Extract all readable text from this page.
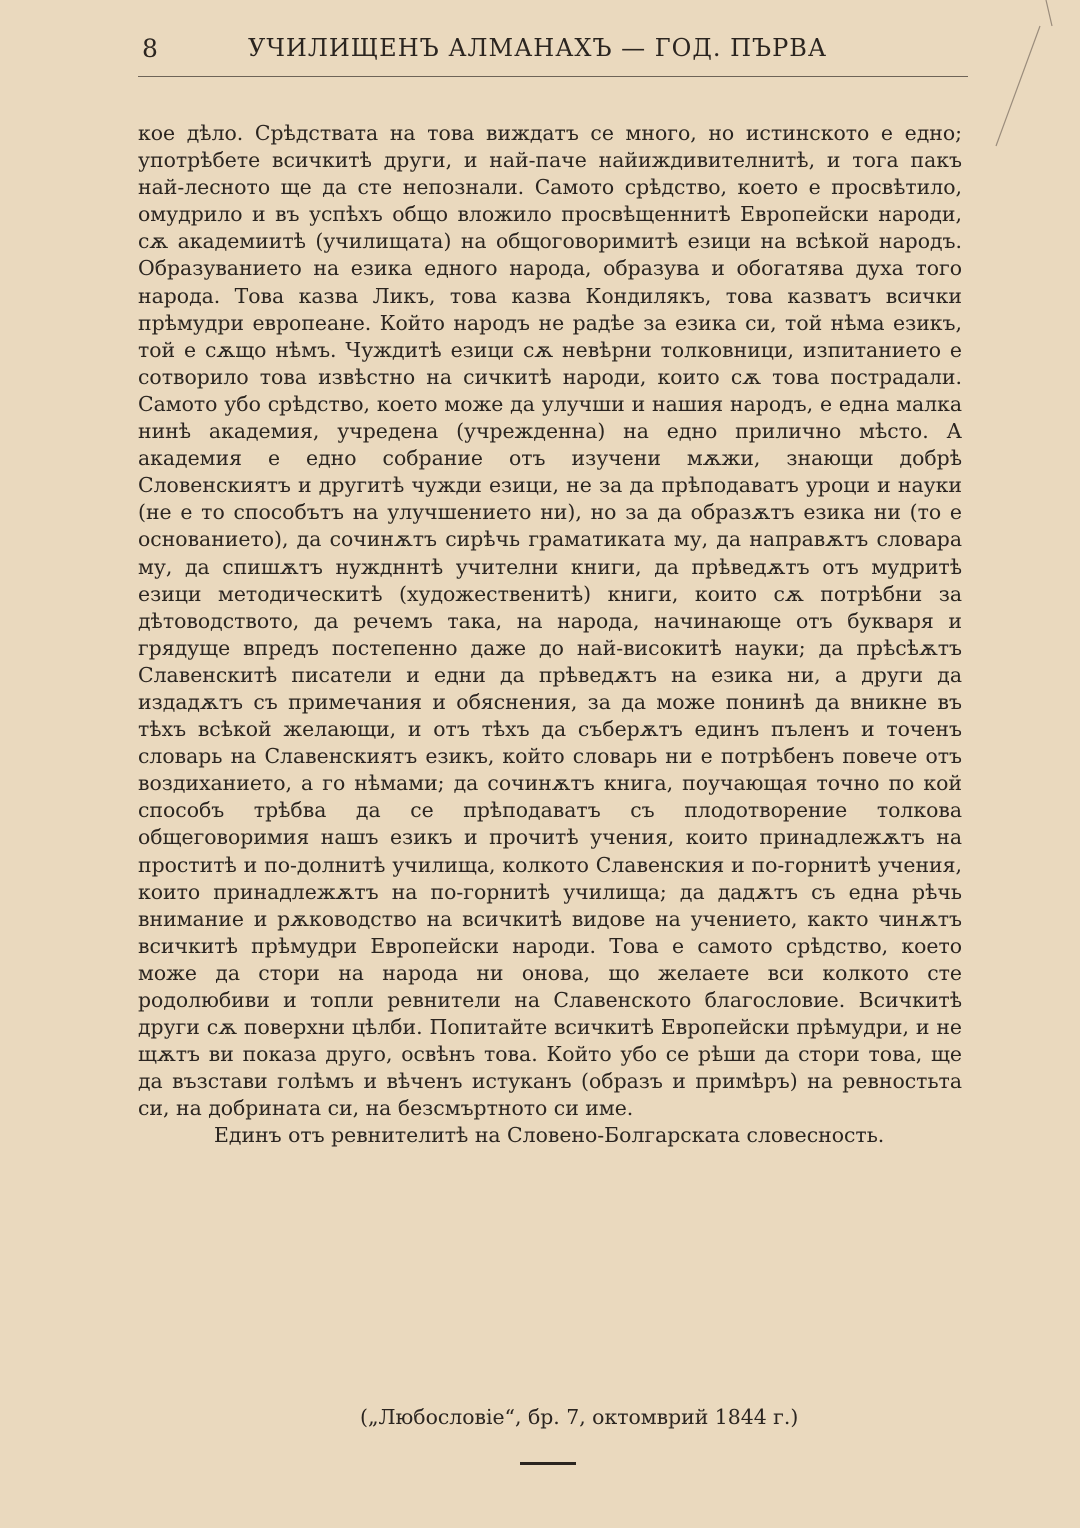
8	УЧИЛИЩЕНЪ АЛМАНАХЪ — ГОД. ПЪРВА

кое дѣло. Срѣдствата на това виждатъ се много, но истинското е едно; употрѣбете всичкитѣ други, и най-паче найиждивителнитѣ, и тога пакъ най-лесното ще да сте непознали. Самото срѣдство, което е просвѣтило, омудрило и въ успѣхъ общо вложило просвѣщеннитѣ Европейски народи, сѫ академиитѣ (училищата) на общоговоримитѣ езици на всѣкой народъ. Образуванието на езика едного народа, образува и обогатява духа того народа. Това казва Ликъ, това казва Кондилякъ, това казватъ всички прѣмудри европеане. Който народъ не радѣе за езика си, той нѣма езикъ, той е сѫщо нѣмъ. Чуждитѣ езици сѫ невѣрни толковници, изпитанието е сотворило това извѣстно на сичкитѣ народи, които сѫ това пострадали. Самото убо срѣдство, което може да улучши и нашия народъ, е една малка нинѣ академия, учредена (учрежденна) на едно прилично мѣсто. А академия е едно собрание отъ изучени мѫжи, знающи добрѣ Словенскиятъ и другитѣ чужди езици, не за да прѣподаватъ уроци и науки (не е то способътъ на улучшението ни), но за да образѫтъ езика ни (то е основанието), да сочинѫтъ сирѣчь граматиката му, да направѫтъ словара му, да спишѫтъ нуждннтѣ учителни книги, да прѣведѫтъ отъ мудритѣ езици методическитѣ (художественитѣ) книги, които сѫ потрѣбни за дѣтоводството, да речемъ така, на народа, начинающе отъ букваря и грядуще впредъ постепенно даже до най-високитѣ науки; да прѣсѣѫтъ Славенскитѣ писатели и едни да прѣведѫтъ на езика ни, а други да издадѫтъ съ примечания и обяснения, за да може понинѣ да вникне въ тѣхъ всѣкой желающи, и отъ тѣхъ да съберѫтъ единъ пъленъ и точенъ словарь на Славенскиятъ езикъ, който словарь ни е потрѣбенъ повече отъ воздиханието, а го нѣмами; да сочинѫтъ книга, поучающая точно по кой способъ трѣбва да се прѣподаватъ съ плодотворение толкова общеговоримия нашъ езикъ и прочитѣ учения, които принадлежѫтъ на проститѣ и по-долнитѣ училища, колкото Славенския и по-горнитѣ учения, които принадлежѫтъ на по-горнитѣ училища; да дадѫтъ съ една рѣчь внимание и рѫководство на всичкитѣ видове на учението, както чинѫтъ всичкитѣ прѣмудри Европейски народи. Това е самото срѣдство, което може да стори на народа ни онова, що желаете вси колкото сте родолюбиви и топли ревнители на Славенското благословие. Всичкитѣ други сѫ поверхни цѣлби. Попитайте всичкитѣ Европейски прѣмудри, и не щѫтъ ви показа друго, освѣнъ това. Който убо се рѣши да стори това, ще да възстави голѣмъ и вѣченъ истуканъ (образъ и примѣръ) на ревностьта си, на добрината си, на безсмъртното си име.

Единъ отъ ревнителитѣ на Словено-Болгарската словесность.

(„Любословіе“, бр. 7, октомврий 1844 г.)
